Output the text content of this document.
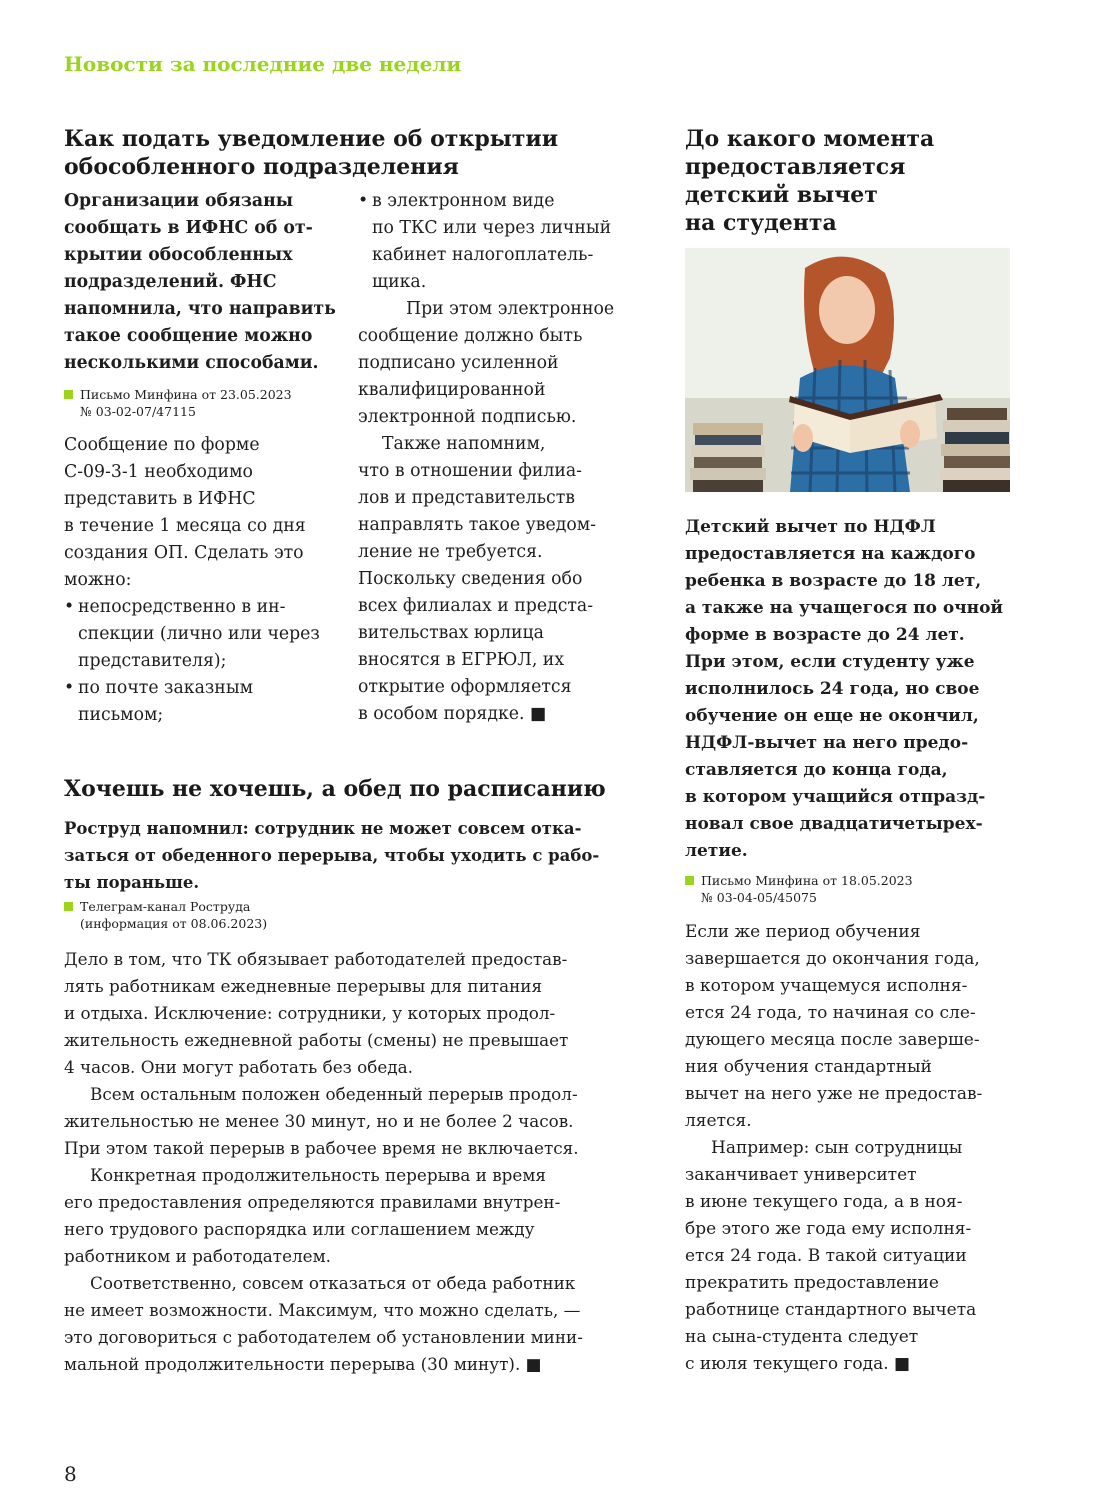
Новости за последние две недели
Как подать уведомление об открытии
обособленного подразделения
Организации обязаны
сообщать в ИФНС об от-
крытии обособленных
подразделений. ФНС
напомнила, что направить
такое сообщение можно
несколькими способами.
Письмо Минфина от 23.05.2023
№ 03-02-07/47115
Сообщение по форме
С-09-3-1 необходимо
представить в ИФНС
в течение 1 месяца со дня
создания ОП. Сделать это
можно:
• непосредственно в ин-
спекции (лично или через
представителя);
• по почте заказным
письмом;
• в электронном виде
по ТКС или через личный
кабинет налогоплатель-
щика.
При этом электронное
сообщение должно быть
подписано усиленной
квалифицированной
электронной подписью.
Также напомним,
что в отношении филиа-
лов и представительств
направлять такое уведом-
ление не требуется.
Поскольку сведения обо
всех филиалах и предста-
вительствах юрлица
вносятся в ЕГРЮЛ, их
открытие оформляется
в особом порядке. ■
Хочешь не хочешь, а обед по расписанию
Роструд напомнил: сотрудник не может совсем отка-
заться от обеденного перерыва, чтобы уходить с рабо-
ты пораньше.
Телеграм-канал Роструда
(информация от 08.06.2023)
Дело в том, что ТК обязывает работодателей предостав-
лять работникам ежедневные перерывы для питания
и отдыха. Исключение: сотрудники, у которых продол-
жительность ежедневной работы (смены) не превышает
4 часов. Они могут работать без обеда.
Всем остальным положен обеденный перерыв продол-
жительностью не менее 30 минут, но и не более 2 часов.
При этом такой перерыв в рабочее время не включается.
Конкретная продолжительность перерыва и время
его предоставления определяются правилами внутрен-
него трудового распорядка или соглашением между
работником и работодателем.
Соответственно, совсем отказаться от обеда работник
не имеет возможности. Максимум, что можно сделать, —
это договориться с работодателем об установлении мини-
мальной продолжительности перерыва (30 минут). ■
До какого момента
предоставляется
детский вычет
на студента
Детский вычет по НДФЛ
предоставляется на каждого
ребенка в возрасте до 18 лет,
а также на учащегося по очной
форме в возрасте до 24 лет.
При этом, если студенту уже
исполнилось 24 года, но свое
обучение он еще не окончил,
НДФЛ-вычет на него предо-
ставляется до конца года,
в котором учащийся отпразд-
новал свое двадцатичетырех-
летие.
Письмо Минфина от 18.05.2023
№ 03-04-05/45075
Если же период обучения
завершается до окончания года,
в котором учащемуся исполня-
ется 24 года, то начиная со сле-
дующего месяца после заверше-
ния обучения стандартный
вычет на него уже не предостав-
ляется.
Например: сын сотрудницы
заканчивает университет
в июне текущего года, а в ноя-
бре этого же года ему исполня-
ется 24 года. В такой ситуации
прекратить предоставление
работнице стандартного вычета
на сына-студента следует
с июля текущего года. ■
8
